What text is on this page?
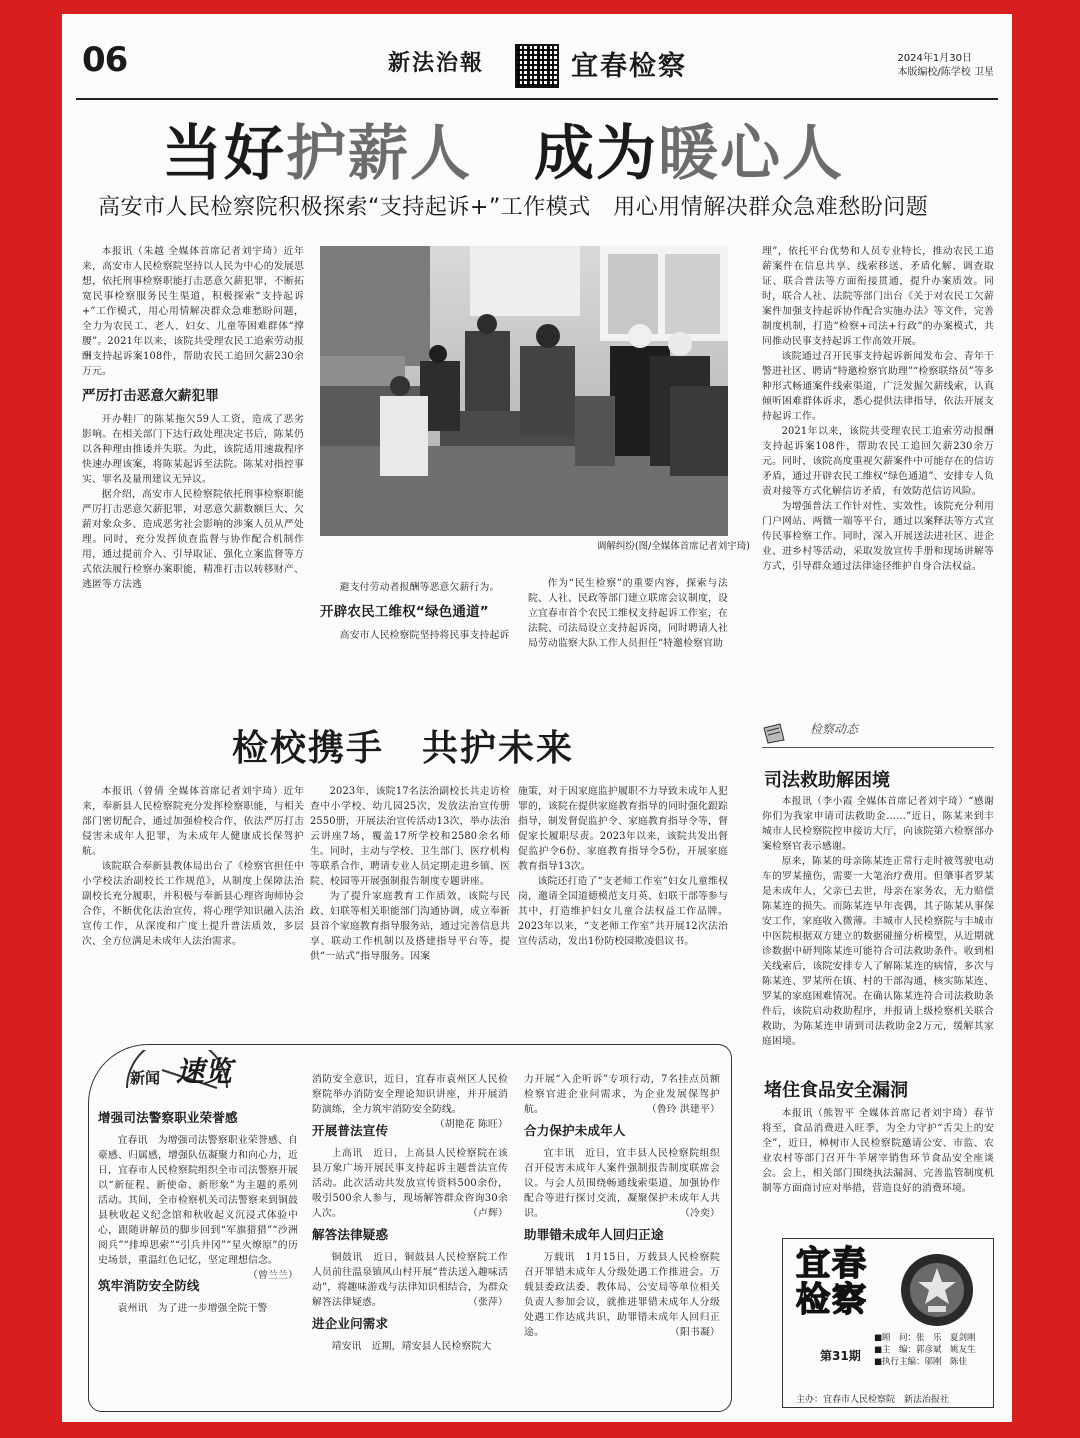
06	新法治報	宜春检察	2024年1月30日
本版编校/陈学校 卫星
当好护薪人  成为暖心人
高安市人民检察院积极探索“支持起诉+”工作模式　用心用情解决群众急难愁盼问题

本报讯（朱越 全媒体首席记者刘宇琦）近年来，高安市人民检察院坚持以人民为中心的发展思想，依托刑事检察职能打击恶意欠薪犯罪，不断拓宽民事检察服务民生渠道，积极探索“支持起诉+”工作模式，用心用情解决群众急难愁盼问题，全力为农民工、老人、妇女、儿童等困难群体“撑腰”。2021年以来，该院共受理农民工追索劳动报酬支持起诉案108件，帮助农民工追回欠薪230余万元。

严厉打击恶意欠薪犯罪

开办鞋厂的陈某拖欠59人工资，造成了恶劣影响。在相关部门下达行政处理决定书后，陈某仍以各种理由推诿并失联。为此，该院适用速裁程序快速办理该案，将陈某起诉至法院。陈某对指控事实、罪名及量刑建议无异议。

据介绍，高安市人民检察院依托刑事检察职能严厉打击恶意欠薪犯罪，对恶意欠薪数额巨大、欠薪对象众多、造成恶劣社会影响的涉案人员从严处理。同时，充分发挥侦查监督与协作配合机制作用，通过提前介入、引导取证、强化立案监督等方式依法履行检察办案职能，精准打击以转移财产、逃匿等方法逃

调解纠纷(图/全媒体首席记者刘宇琦)

避支付劳动者报酬等恶意欠薪行为。

开辟农民工维权“绿色通道”

高安市人民检察院坚持将民事支持起诉

作为“民生检察”的重要内容，探索与法院、人社、民政等部门建立联席会议制度，设立宜春市首个农民工维权支持起诉工作室，在法院、司法局设立支持起诉岗，同时聘请人社局劳动监察大队工作人员担任“特邀检察官助

理”，依托平台优势和人员专业特长，推动农民工追薪案件在信息共享、线索移送、矛盾化解、调查取证、联合普法等方面衔接贯通，提升办案质效。同时，联合人社、法院等部门出台《关于对农民工欠薪案件加强支持起诉协作配合实施办法》等文件，完善制度机制，打造“检察+司法+行政”的办案模式，共同推动民事支持起诉工作高效开展。

该院通过召开民事支持起诉新闻发布会、青年干警进社区、聘请“特邀检察官助理”“检察联络员”等多种形式畅通案件线索渠道，广泛发掘欠薪线索，认真倾听困难群体诉求，悉心提供法律指导，依法开展支持起诉工作。

2021年以来，该院共受理农民工追索劳动报酬支持起诉案108件，帮助农民工追回欠薪230余万元。同时，该院高度重视欠薪案件中可能存在的信访矛盾，通过开辟农民工维权“绿色通道”、安排专人负责对接等方式化解信访矛盾，有效防范信访风险。

为增强普法工作针对性、实效性，该院充分利用门户网站、两微一端等平台，通过以案释法等方式宣传民事检察工作。同时，深入开展送法进社区、进企业、进乡村等活动，采取发放宣传手册和现场讲解等方式，引导群众通过法律途径维护自身合法权益。

检校携手　共护未来

本报讯（曾倩 全媒体首席记者刘宇琦）近年来，奉新县人民检察院充分发挥检察职能，与相关部门密切配合，通过加强检校合作，依法严厉打击侵害未成年人犯罪，为未成年人健康成长保驾护航。

该院联合奉新县教体局出台了《检察官担任中小学校法治副校长工作规范》，从制度上保障法治副校长充分履职，并积极与奉新县心理咨询师协会合作，不断优化法治宣传，将心理学知识融入法治宣传工作，从深度和广度上提升普法质效，多层次、全方位满足未成年人法治需求。

2023年，该院17名法治副校长共走访检查中小学校、幼儿园25次，发放法治宣传册2550册，开展法治宣传活动13次，举办法治云讲座7场，覆盖17所学校和2580余名师生。同时，主动与学校、卫生部门、医疗机构等联系合作，聘请专业人员定期走进乡镇、医院、校园等开展强制报告制度专题讲座。

为了提升家庭教育工作质效，该院与民政、妇联等相关职能部门沟通协调，成立奉新县首个家庭教育指导服务站，通过完善信息共享、联动工作机制以及搭建指导平台等，提供“一站式”指导服务。因案

施策，对于因家庭监护履职不力导致未成年人犯罪的，该院在提供家庭教育指导的同时强化跟踪指导，制发督促监护令、家庭教育指导令等，督促家长履职尽责。2023年以来，该院共发出督促监护令6份、家庭教育指导令5份，开展家庭教育指导13次。

该院还打造了“支老师工作室”妇女儿童维权岗，邀请全国道德模范支月英、妇联干部等参与其中，打造维护妇女儿童合法权益工作品牌。2023年以来，“支老师工作室”共开展12次法治宣传活动，发出1份防校园欺凌倡议书。

检察动态
司法救助解困境

本报讯（李小霞 全媒体首席记者刘宇琦）“感谢你们为我家申请司法救助金……”近日，陈某来到丰城市人民检察院控申接访大厅，向该院第六检察部办案检察官表示感谢。

原来，陈某的母亲陈某连正常行走时被驾驶电动车的罗某撞伤，需要一大笔治疗费用。但肇事者罗某是未成年人，父亲已去世，母亲在家务农，无力赔偿陈某连的损失。而陈某连早年丧偶，其子陈某从事保安工作，家庭收入微薄。丰城市人民检察院与丰城市中医院根据双方建立的数据碰撞分析模型，从近期就诊数据中研判陈某连可能符合司法救助条件。收到相关线索后，该院安排专人了解陈某连的病情，多次与陈某连、罗某所在镇、村的干部沟通，核实陈某连、罗某的家庭困难情况。在确认陈某连符合司法救助条件后，该院启动救助程序，并报请上级检察机关联合救助，为陈某连申请到司法救助金2万元，缓解其家庭困境。

堵住食品安全漏洞

本报讯（熊智平 全媒体首席记者刘宇琦）春节将至，食品消费进入旺季，为全力守护“舌尖上的安全”，近日，樟树市人民检察院邀请公安、市监、农业农村等部门召开牛羊屠宰销售环节食品安全座谈会。会上，相关部门围绕执法漏洞、完善监管制度机制等方面商讨应对举措，营造良好的消费环境。

新闻 速览
增强司法警察职业荣誉感

宜春讯　为增强司法警察职业荣誉感、自豪感、归属感，增强队伍凝聚力和向心力，近日，宜春市人民检察院组织全市司法警察开展以“新征程、新使命、新形象”为主题的系列活动。其间，全市检察机关司法警察来到铜鼓县秋收起义纪念馆和秋收起义沉浸式体验中心，跟随讲解员的脚步回到“军旗猎猎”“沙洲阅兵”“排埠思索”“引兵井冈”“星火燎原”的历史场景，重温红色记忆，坚定理想信念。
（曾兰兰）

筑牢消防安全防线

袁州讯　为了进一步增强全院干警

消防安全意识，近日，宜春市袁州区人民检察院举办消防安全理论知识讲座，并开展消防演练，全力筑牢消防安全防线。
（胡艳花 陈旺）

开展普法宣传

上高讯　近日，上高县人民检察院在该县万象广场开展民事支持起诉主题普法宣传活动。此次活动共发放宣传资料500余份，吸引500余人参与，现场解答群众咨询30余人次。	（卢辉）

解答法律疑惑

铜鼓讯　近日，铜鼓县人民检察院工作人员前往温泉镇风山村开展“普法送入趣味活动”，将趣味游戏与法律知识相结合，为群众解答法律疑惑。	（张萍）

进企业问需求

靖安讯　近期，靖安县人民检察院大

力开展“入企听诉”专项行动，7名挂点员额检察官进企业问需求，为企业发展保驾护航。	（鲁玲 洪建平）

合力保护未成年人

宜丰讯　近日，宜丰县人民检察院组织召开侵害未成年人案件强制报告制度联席会议。与会人员围绕畅通线索渠道、加强协作配合等进行探讨交流，凝聚保护未成年人共识。	（冷奕）

助罪错未成年人回归正途

万载讯　1月15日，万载县人民检察院召开罪错未成年人分级处遇工作推进会。万载县委政法委、教体局、公安局等单位相关负责人参加会议，就推进罪错未成年人分级处遇工作达成共识，助罪错未成年人回归正途。	（阳书凝）

宜春
检察
第31期
■顾　问：张　乐　夏剑刚
■主　编：郭彦斌　姚友生
■执行主编：邬刚　陈佳
主办：宜春市人民检察院　新法治报社
